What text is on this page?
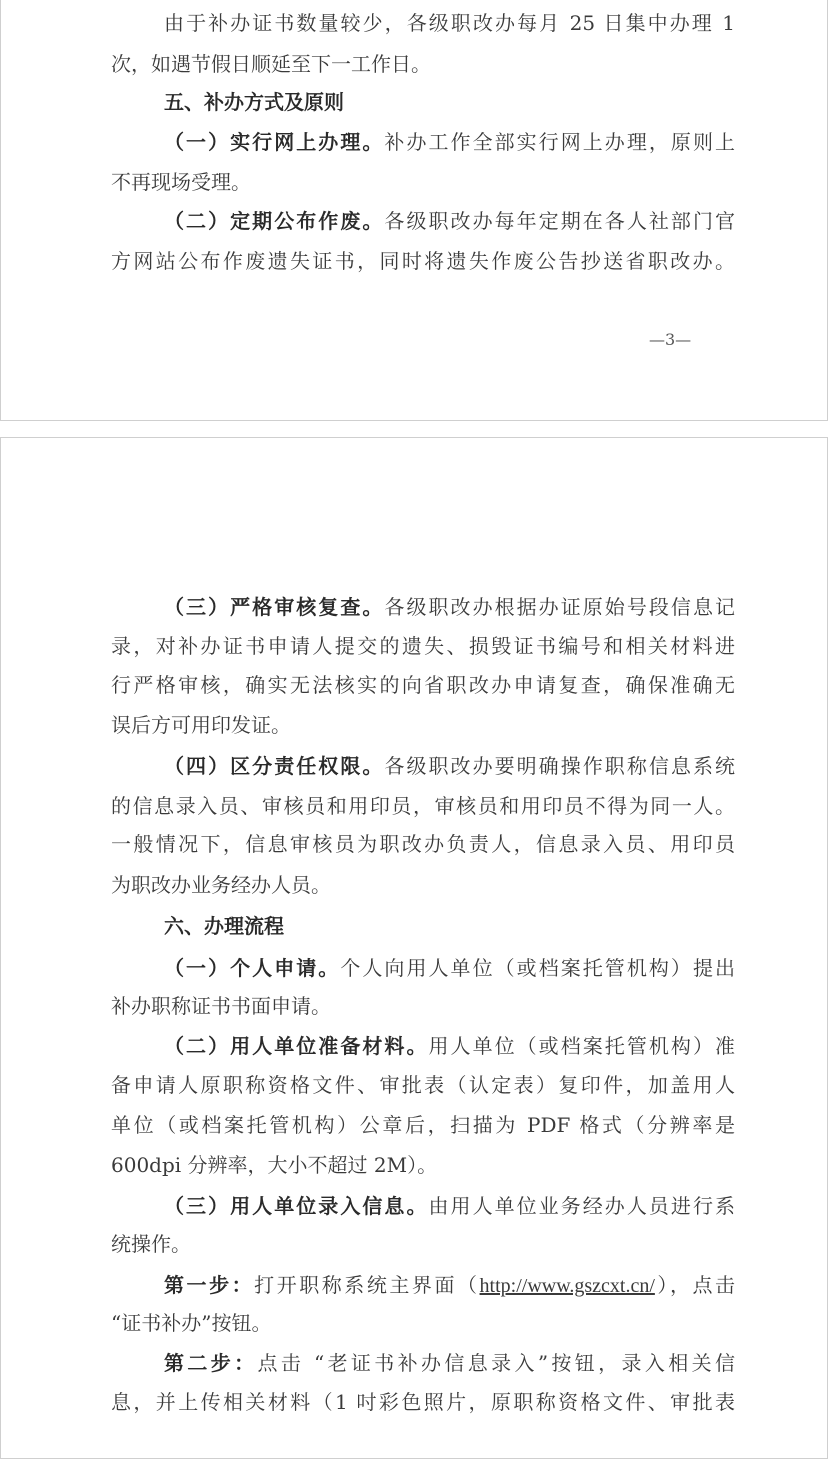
由于补办证书数量较少，各级职改办每月 25 日集中办理 1
次，如遇节假日顺延至下一工作日。
五、补办方式及原则
（一）实行网上办理。补办工作全部实行网上办理，原则上
不再现场受理。
（二）定期公布作废。各级职改办每年定期在各人社部门官
方网站公布作废遗失证书，同时将遗失作废公告抄送省职改办。
—3—
（三）严格审核复查。各级职改办根据办证原始号段信息记
录，对补办证书申请人提交的遗失、损毁证书编号和相关材料进
行严格审核，确实无法核实的向省职改办申请复查，确保准确无
误后方可用印发证。
（四）区分责任权限。各级职改办要明确操作职称信息系统
的信息录入员、审核员和用印员，审核员和用印员不得为同一人。
一般情况下，信息审核员为职改办负责人，信息录入员、用印员
为职改办业务经办人员。
六、办理流程
（一）个人申请。个人向用人单位（或档案托管机构）提出
补办职称证书书面申请。
（二）用人单位准备材料。用人单位（或档案托管机构）准
备申请人原职称资格文件、审批表（认定表）复印件，加盖用人
单位（或档案托管机构）公章后，扫描为 PDF 格式（分辨率是
600dpi 分辨率，大小不超过 2M）。
（三）用人单位录入信息。由用人单位业务经办人员进行系
统操作。
第一步：打开职称系统主界面（http://www.gszcxt.cn/），点击
“证书补办”按钮。
第二步：点击 “老证书补办信息录入”按钮，录入相关信
息，并上传相关材料（1 吋彩色照片，原职称资格文件、审批表
